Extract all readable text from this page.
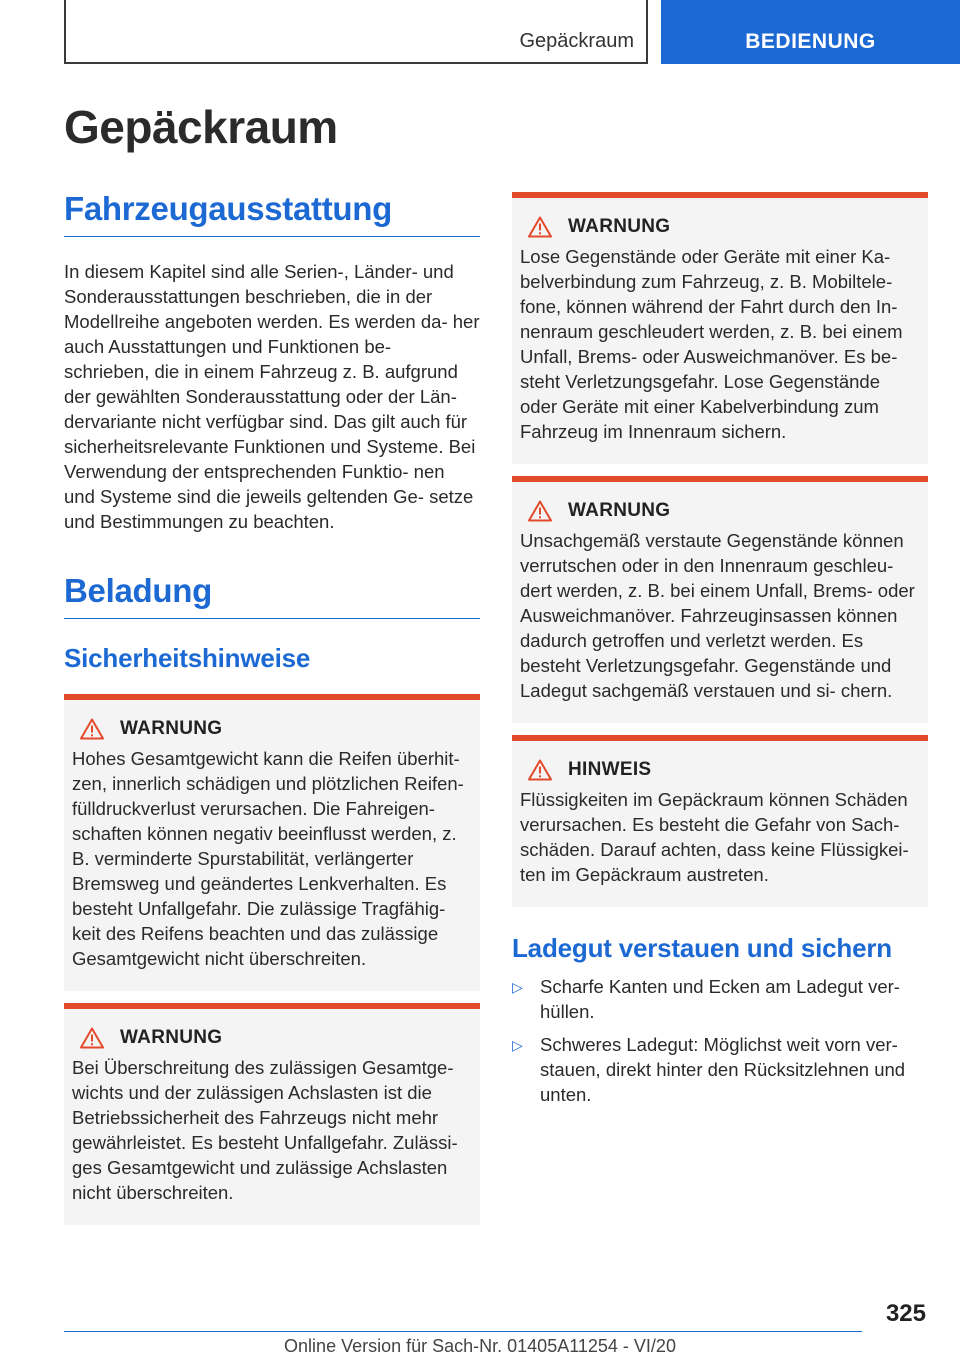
Gepäckraum	BEDIENUNG
Gepäckraum
Fahrzeugausstattung

In diesem Kapitel sind alle Serien-, Länder- und Sonderausstattungen beschrieben, die in der Modellreihe angeboten werden. Es werden da- her auch Ausstattungen und Funktionen be- schrieben, die in einem Fahrzeug z. B. aufgrund der gewählten Sonderausstattung oder der Län- dervariante nicht verfügbar sind. Das gilt auch für sicherheitsrelevante Funktionen und Systeme. Bei Verwendung der entsprechenden Funktio- nen und Systeme sind die jeweils geltenden Ge- setze und Bestimmungen zu beachten.

Beladung
Sicherheitshinweise
WARNUNG

Hohes Gesamtgewicht kann die Reifen überhit- zen, innerlich schädigen und plötzlichen Reifen- fülldruckverlust verursachen. Die Fahreigen- schaften können negativ beeinflusst werden, z. B. verminderte Spurstabilität, verlängerter Bremsweg und geändertes Lenkverhalten. Es besteht Unfallgefahr. Die zulässige Tragfähig- keit des Reifens beachten und das zulässige Gesamtgewicht nicht überschreiten.

WARNUNG

Bei Überschreitung des zulässigen Gesamtge- wichts und der zulässigen Achslasten ist die Betriebssicherheit des Fahrzeugs nicht mehr gewährleistet. Es besteht Unfallgefahr. Zulässi- ges Gesamtgewicht und zulässige Achslasten nicht überschreiten.

WARNUNG

Lose Gegenstände oder Geräte mit einer Ka- belverbindung zum Fahrzeug, z. B. Mobiltele- fone, können während der Fahrt durch den In- nenraum geschleudert werden, z. B. bei einem Unfall, Brems- oder Ausweichmanöver. Es be- steht Verletzungsgefahr. Lose Gegenstände oder Geräte mit einer Kabelverbindung zum Fahrzeug im Innenraum sichern.

WARNUNG

Unsachgemäß verstaute Gegenstände können verrutschen oder in den Innenraum geschleu- dert werden, z. B. bei einem Unfall, Brems- oder Ausweichmanöver. Fahrzeuginsassen können dadurch getroffen und verletzt werden. Es besteht Verletzungsgefahr. Gegenstände und Ladegut sachgemäß verstauen und si- chern.

HINWEIS

Flüssigkeiten im Gepäckraum können Schäden verursachen. Es besteht die Gefahr von Sach- schäden. Darauf achten, dass keine Flüssigkei- ten im Gepäckraum austreten.

Ladegut verstauen und sichern
▷ Scharfe Kanten und Ecken am Ladegut ver- hüllen.
▷ Schweres Ladegut: Möglichst weit vorn ver- stauen, direkt hinter den Rücksitzlehnen und unten.
325
Online Version für Sach-Nr. 01405A11254 - VI/20
